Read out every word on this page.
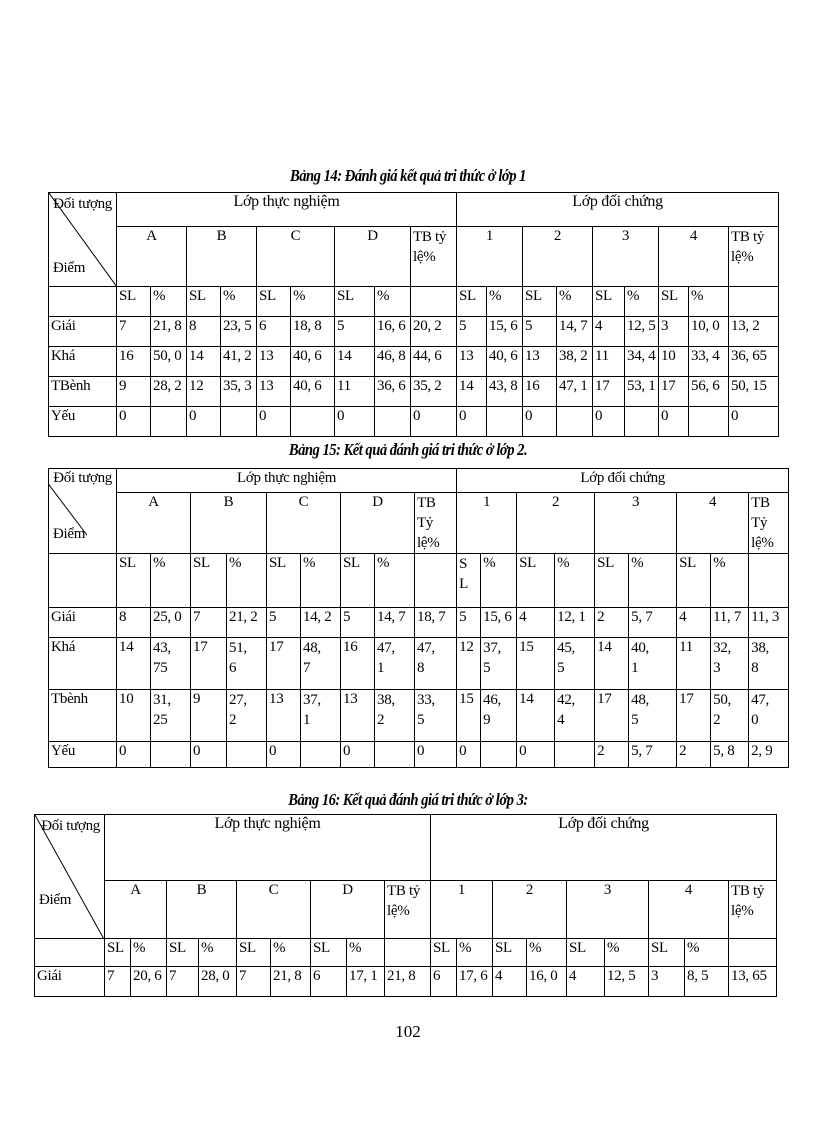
Bảng 14: Đánh giá kết quả tri thức ở lớp 1
Đối tượng
Điểm	Lớp thực nghiệm									Lớp đối chứng								
	A		B		C		D		TB tỷ lệ%	1		2		3		4		TB tỷ lệ%
	SL	%	SL	%	SL	%	SL	%		SL	%	SL	%	SL	%	SL	%	
Giái	7	21, 8	8	23, 5	6	18, 8	5	16, 6	20, 2	5	15, 6	5	14, 7	4	12, 5	3	10, 0	13, 2
Khá	16	50, 0	14	41, 2	13	40, 6	14	46, 8	44, 6	13	40, 6	13	38, 2	11	34, 4	10	33, 4	36, 65
TBènh	9	28, 2	12	35, 3	13	40, 6	11	36, 6	35, 2	14	43, 8	16	47, 1	17	53, 1	17	56, 6	50, 15
Yếu	0		0		0		0		0	0		0		0		0		0
Bảng 15: Kết quả đánh giá tri thức ở lớp 2.
Đối tượng
Điểm	Lớp thực nghiệm									Lớp đối chứng								
	A		B		C		D		TB Tỷ lệ%	1		2		3		4		TB Tỷ lệ%
	SL	%	SL	%	SL	%	SL	%		S L	%	SL	%	SL	%	SL	%	
Giái	8	25, 0	7	21, 2	5	14, 2	5	14, 7	18, 7	5	15, 6	4	12, 1	2	5, 7	4	11, 7	11, 3
Khá	14	43, 75	17	51, 6	17	48, 7	16	47, 1	47, 8	12	37, 5	15	45, 5	14	40, 1	11	32, 3	38, 8
Tbènh	10	31, 25	9	27, 2	13	37, 1	13	38, 2	33, 5	15	46, 9	14	42, 4	17	48, 5	17	50, 2	47, 0
Yếu	0		0		0		0		0	0		0		2	5, 7	2	5, 8	2, 9
Bảng 16: Kết quả đánh giá tri thức ở lớp 3:
Đối tượng
Điểm	Lớp thực nghiệm									Lớp đối chứng								
	A		B		C		D		TB tỷ lệ%	1		2		3		4		TB tỷ lệ%
	SL	%	SL	%	SL	%	SL	%		SL	%	SL	%	SL	%	SL	%	
Giái	7	20, 6	7	28, 0	7	21, 8	6	17, 1	21, 8	6	17, 6	4	16, 0	4	12, 5	3	8, 5	13, 65
102
